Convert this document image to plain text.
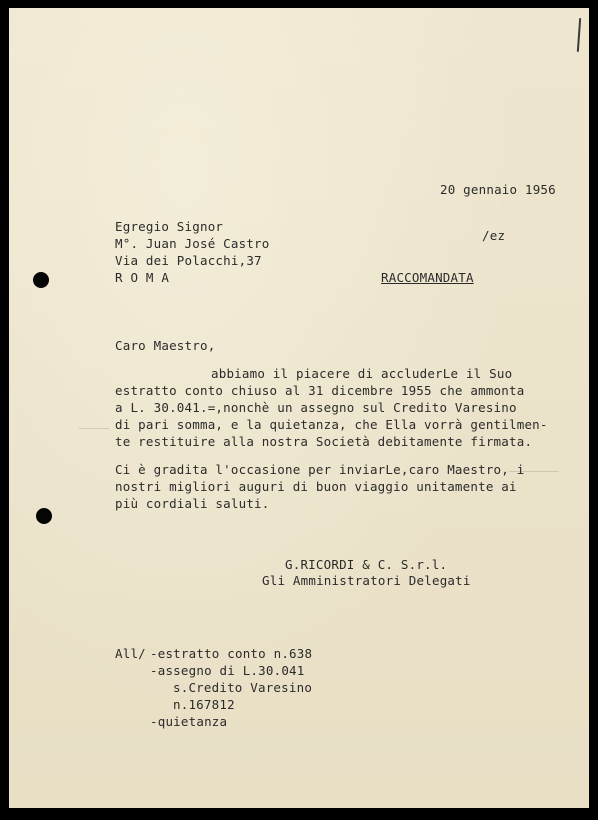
20 gennaio 1956
Egregio Signor
M°. Juan José Castro
Via dei Polacchi,37
R O M A
/ez
RACCOMANDATA
Caro Maestro,
abbiamo il piacere di accluderLe il Suo
estratto conto chiuso al 31 dicembre 1955 che ammonta
a L. 30.041.=,nonchè un assegno sul Credito Varesino
di pari somma, e la quietanza, che Ella vorrà gentilmen-
te restituire alla nostra Società debitamente firmata.
Ci è gradita l'occasione per inviarLe,caro Maestro, i
nostri migliori auguri di buon viaggio unitamente ai
più cordiali saluti.
G.RICORDI & C. S.r.l.
Gli Amministratori Delegati
All/ -estratto conto n.638
-assegno di L.30.041
s.Credito Varesino
n.167812
-quietanza
